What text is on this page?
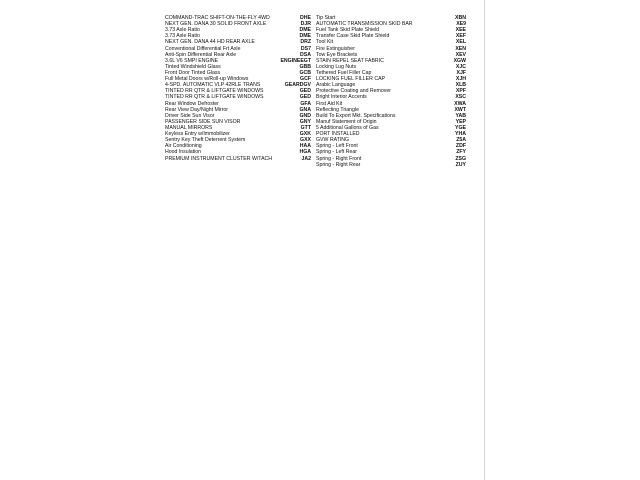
COMMAND-TRAC SHIFT-ON-THE-FLY 4WD	DHE
NEXT GEN. DANA 30 SOLID FRONT AXLE	DJR
3.73 Axle Ratio	DME
3.73 Axle Ratio	DME
NEXT GEN. DANA 44 HD REAR AXLE	DRZ
Conventional Differential Frt Axle	DS7
Anti-Spin Differential Rear Axle	DSA
3.6L V6 SMPI ENGINE	ENGINEEGT
Tinted Windshield Glass	GBB
Front Door Tinted Glass	GCB
Full Metal Doors w/Roll-up Windows	GCF
4-SPD. AUTOMATIC VLP 42RLE TRANS	GEARDGV
TINTED RR QTR & LIFTGATE WINDOWS	GED
TINTED RR QTR & LIFTGATE WINDOWS	GED
Rear Window Defroster	GFA
Rear View Day/Night Mirror	GNA
Driver Side Sun Visor	GND
PASSENGER SIDE SUN VISOR	GNY
MANUAL MIRRORS	GTT
Keyless Entry w/Immobilizer	GXK
Sentry Key Theft Deterrent System	GXX
Air Conditioning	HAA
Hood Insulation	HGA
PREMIUM INSTRUMENT CLUSTER W/TACH	JA2
Tip Start	XBN
AUTOMATIC TRANSMISSION SKID BAR	XE9
Fuel Tank Skid Plate Shield	XEE
Transfer Case Skid Plate Shield	XEF
Tool Kit	XEL
Fire Extinguisher	XEN
Tow Eye Brackets	XEV
STAIN REPEL SEAT FABRIC	XGW
Locking Lug Nuts	XJC
Tethered Fuel Filler Cap	XJF
LOCKING FUEL FILLER CAP	XJH
Arabic Language	XLB
Protective Coating and Remover	XPF
Bright Interior Accents	XSC
First Aid Kit	XWA
Reflecting Triangle	XWT
Build To Export Mkt. Specifications	YAB
Manuf Statement of Origin	YEP
5 Additional Gallons of Gas	YGE
PORT INSTALLED	YHA
GVW RATING	Z5A
Spring - Left Front	ZDF
Spring - Left Rear	ZFY
Spring - Right Front	ZSG
Spring - Right Rear	ZUY
